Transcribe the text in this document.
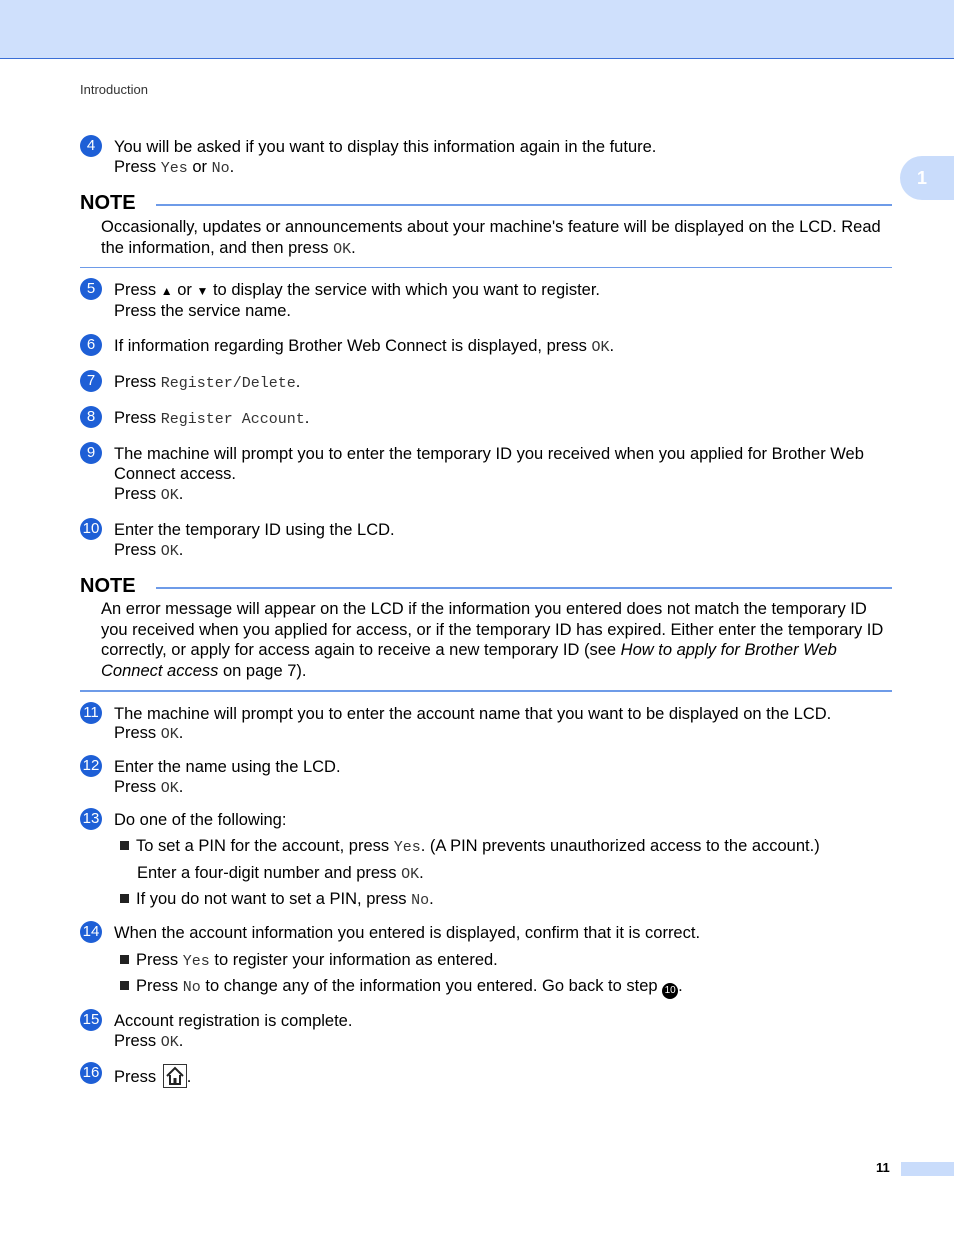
Introduction
1
4	You will be asked if you want to display this information again in the future.
Press Yes or No.
NOTE
Occasionally, updates or announcements about your machine's feature will be displayed on the LCD. Read the information, and then press OK.
5	Press ▲ or ▼ to display the service with which you want to register.
Press the service name.
6	If information regarding Brother Web Connect is displayed, press OK.
7	Press Register/Delete.
8	Press Register Account.
9	The machine will prompt you to enter the temporary ID you received when you applied for Brother Web Connect access.
Press OK.
10 Enter the temporary ID using the LCD.
Press OK.
NOTE
An error message will appear on the LCD if the information you entered does not match the temporary ID you received when you applied for access, or if the temporary ID has expired. Either enter the temporary ID correctly, or apply for access again to receive a new temporary ID (see How to apply for Brother Web Connect access on page 7).
11 The machine will prompt you to enter the account name that you want to be displayed on the LCD.
Press OK.
12 Enter the name using the LCD.
Press OK.
13 Do one of the following:
To set a PIN for the account, press Yes. (A PIN prevents unauthorized access to the account.)
Enter a four-digit number and press OK.
If you do not want to set a PIN, press No.
14 When the account information you entered is displayed, confirm that it is correct.
Press Yes to register your information as entered.
Press No to change any of the information you entered. Go back to step 10 .
15 Account registration is complete.
Press OK.
16 Press .
11
